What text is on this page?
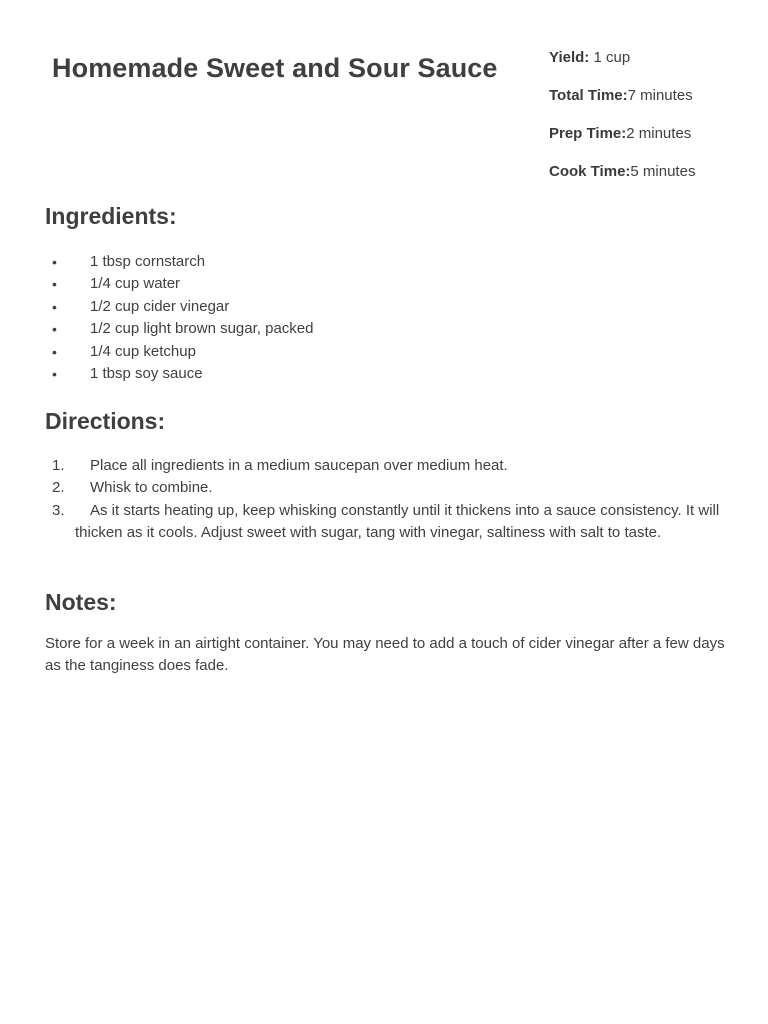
Homemade Sweet and Sour Sauce	Yield: 1 cup
Total Time:7 minutes
Prep Time:2 minutes
Cook Time:5 minutes
Ingredients:
• 1 tbsp cornstarch
• 1/4 cup water
• 1/2 cup cider vinegar
• 1/2 cup light brown sugar, packed
• 1/4 cup ketchup
• 1 tbsp soy sauce
Directions:
1. Place all ingredients in a medium saucepan over medium heat.
2. Whisk to combine.
3. As it starts heating up, keep whisking constantly until it thickens into a sauce consistency. It will thicken as it cools. Adjust sweet with sugar, tang with vinegar, saltiness with salt to taste.
Notes:

Store for a week in an airtight container. You may need to add a touch of cider vinegar after a few days as the tanginess does fade.
